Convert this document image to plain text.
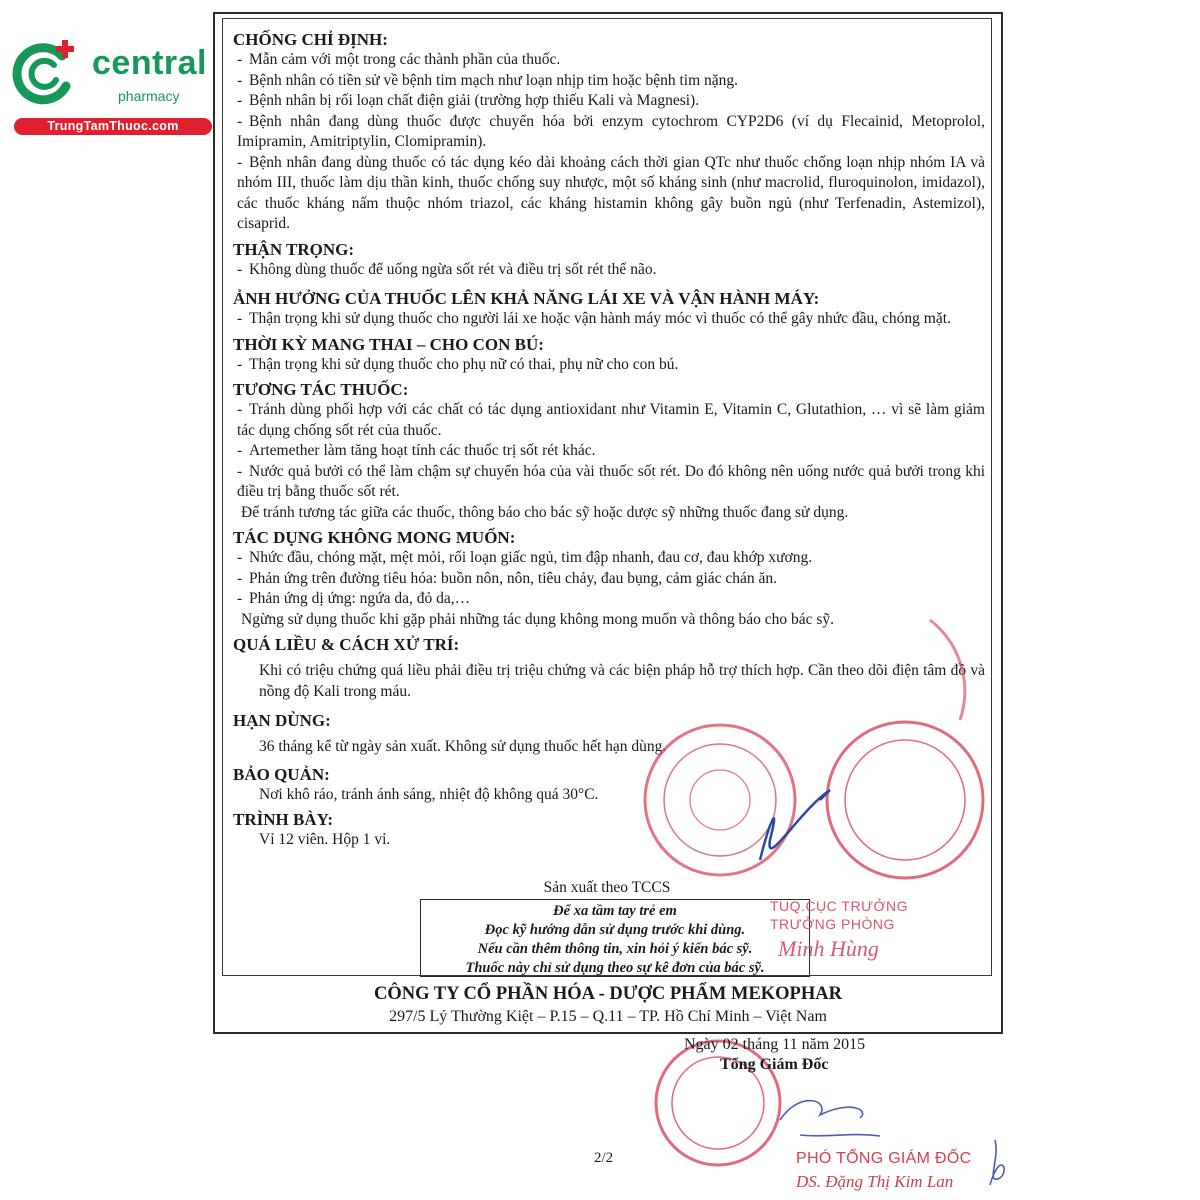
central
pharmacy
TrungTamThuoc.com
CHỐNG CHỈ ĐỊNH:
- Mẫn cảm với một trong các thành phần của thuốc.
- Bệnh nhân có tiền sử về bệnh tim mạch như loạn nhịp tim hoặc bệnh tim nặng.
- Bệnh nhân bị rối loạn chất điện giải (trường hợp thiếu Kali và Magnesi).
- Bệnh nhân đang dùng thuốc được chuyển hóa bởi enzym cytochrom CYP2D6 (ví dụ Flecainid, Metoprolol, Imipramin, Amitriptylin, Clomipramin).
- Bệnh nhân đang dùng thuốc có tác dụng kéo dài khoảng cách thời gian QTc như thuốc chống loạn nhịp nhóm IA và nhóm III, thuốc làm dịu thần kinh, thuốc chống suy nhược, một số kháng sinh (như macrolid, fluroquinolon, imidazol), các thuốc kháng nấm thuộc nhóm triazol, các kháng histamin không gây buồn ngủ (như Terfenadin, Astemizol), cisaprid.
THẬN TRỌNG:
- Không dùng thuốc để uống ngừa sốt rét và điều trị sốt rét thể não.
ẢNH HƯỞNG CỦA THUỐC LÊN KHẢ NĂNG LÁI XE VÀ VẬN HÀNH MÁY:
- Thận trọng khi sử dụng thuốc cho người lái xe hoặc vận hành máy móc vì thuốc có thể gây nhức đầu, chóng mặt.
THỜI KỲ MANG THAI – CHO CON BÚ:
- Thận trọng khi sử dụng thuốc cho phụ nữ có thai, phụ nữ cho con bú.
TƯƠNG TÁC THUỐC:
- Tránh dùng phối hợp với các chất có tác dụng antioxidant như Vitamin E, Vitamin C, Glutathion, … vì sẽ làm giảm tác dụng chống sốt rét của thuốc.
- Artemether làm tăng hoạt tính các thuốc trị sốt rét khác.
- Nước quả bưởi có thể làm chậm sự chuyển hóa của vài thuốc sốt rét. Do đó không nên uống nước quả bưởi trong khi điều trị bằng thuốc sốt rét.
Để tránh tương tác giữa các thuốc, thông báo cho bác sỹ hoặc dược sỹ những thuốc đang sử dụng.
TÁC DỤNG KHÔNG MONG MUỐN:
- Nhức đầu, chóng mặt, mệt mỏi, rối loạn giấc ngủ, tim đập nhanh, đau cơ, đau khớp xương.
- Phản ứng trên đường tiêu hóa: buồn nôn, nôn, tiêu chảy, đau bụng, cảm giác chán ăn.
- Phản ứng dị ứng: ngứa da, đỏ da,…
Ngừng sử dụng thuốc khi gặp phải những tác dụng không mong muốn và thông báo cho bác sỹ.
QUÁ LIỀU & CÁCH XỬ TRÍ:
Khi có triệu chứng quá liều phải điều trị triệu chứng và các biện pháp hỗ trợ thích hợp. Cần theo dõi điện tâm đồ và nồng độ Kali trong máu.
HẠN DÙNG:
36 tháng kể từ ngày sản xuất. Không sử dụng thuốc hết hạn dùng.
BẢO QUẢN:
Nơi khô ráo, tránh ánh sáng, nhiệt độ không quá 30°C.
TRÌNH BÀY:
Vỉ 12 viên. Hộp 1 vỉ.
Sản xuất theo TCCS
Để xa tầm tay trẻ em
Đọc kỹ hướng dẫn sử dụng trước khi dùng.
Nếu cần thêm thông tin, xin hỏi ý kiến bác sỹ.
Thuốc này chỉ sử dụng theo sự kê đơn của bác sỹ.
CÔNG TY CỔ PHẦN HÓA - DƯỢC PHẨM MEKOPHAR
297/5 Lý Thường Kiệt – P.15 – Q.11 – TP. Hồ Chí Minh – Việt Nam
TUQ.CỤC TRƯỞNG
TRƯỞNG PHÒNG
Minh Hùng
Ngày 02 tháng 11 năm 2015
Tổng Giám Đốc
2/2	PHÓ TỔNG GIÁM ĐỐC
DS. Đặng Thị Kim Lan
